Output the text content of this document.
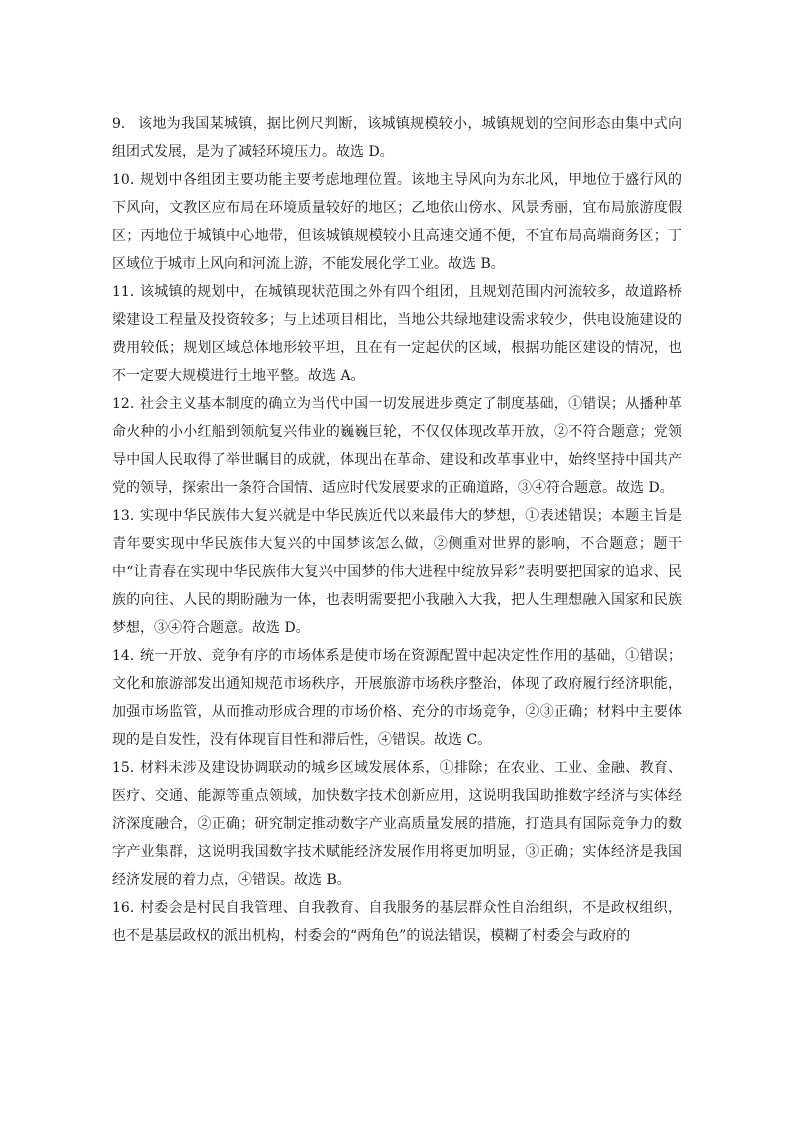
9． 该地为我国某城镇，据比例尺判断，该城镇规模较小，城镇规划的空间形态由集中式向组团式发展，是为了减轻环境压力。故选 D。
10．
规划中各组团主要功能主要考虑地理位置。该地主导风向为东北风，甲地位于盛行风的下风向，文教区应布局在环境质量较好的地区；乙地依山傍水、风景秀丽，宜布局旅游度假区；丙地位于城镇中心地带，但该城镇规模较小且高速交通不便，不宜布局高端商务区；丁区域位于城市上风向和河流上游，不能发展化学工业。故选 B。
11．
该城镇的规划中，在城镇现状范围之外有四个组团，且规划范围内河流较多，故道路桥梁建设工程量及投资较多；与上述项目相比，当地公共绿地建设需求较少，供电设施建设的费用较低；规划区域总体地形较平坦，且在有一定起伏的区域，根据功能区建设的情况，也不一定要大规模进行土地平整。故选 A。
12．
社会主义基本制度的确立为当代中国一切发展进步奠定了制度基础，①错误；从播种革命火种的小小红船到领航复兴伟业的巍巍巨轮，不仅仅体现改革开放，②不符合题意；党领导中国人民取得了举世瞩目的成就，体现出在革命、建设和改革事业中，始终坚持中国共产党的领导，探索出一条符合国情、适应时代发展要求的正确道路，③④符合题意。故选 D。
13．
实现中华民族伟大复兴就是中华民族近代以来最伟大的梦想，①表述错误；本题主旨是青年要实现中华民族伟大复兴的中国梦该怎么做，②侧重对世界的影响，不合题意；题干中“让青春在实现中华民族伟大复兴中国梦的伟大进程中绽放异彩”表明要把国家的追求、民族的向往、人民的期盼融为一体，也表明需要把小我融入大我，把人生理想融入国家和民族梦想，③④符合题意。故选 D。
14．
统一开放、竞争有序的市场体系是使市场在资源配置中起决定性作用的基础，①错误；文化和旅游部发出通知规范市场秩序，开展旅游市场秩序整治，体现了政府履行经济职能，加强市场监管，从而推动形成合理的市场价格、充分的市场竞争，②③正确；材料中主要体现的是自发性，没有体现盲目性和滞后性，④错误。故选 C。
15．
材料未涉及建设协调联动的城乡区域发展体系，①排除；在农业、工业、金融、教育、医疗、交通、能源等重点领域，加快数字技术创新应用，这说明我国助推数字经济与实体经济深度融合，②正确；研究制定推动数字产业高质量发展的措施，打造具有国际竞争力的数字产业集群，这说明我国数字技术赋能经济发展作用将更加明显，③正确；实体经济是我国经济发展的着力点，④错误。故选 B。
16．
村委会是村民自我管理、自我教育、自我服务的基层群众性自治组织，不是政权组织，也不是基层政权的派出机构，村委会的“两角色”的说法错误，模糊了村委会与政府的
